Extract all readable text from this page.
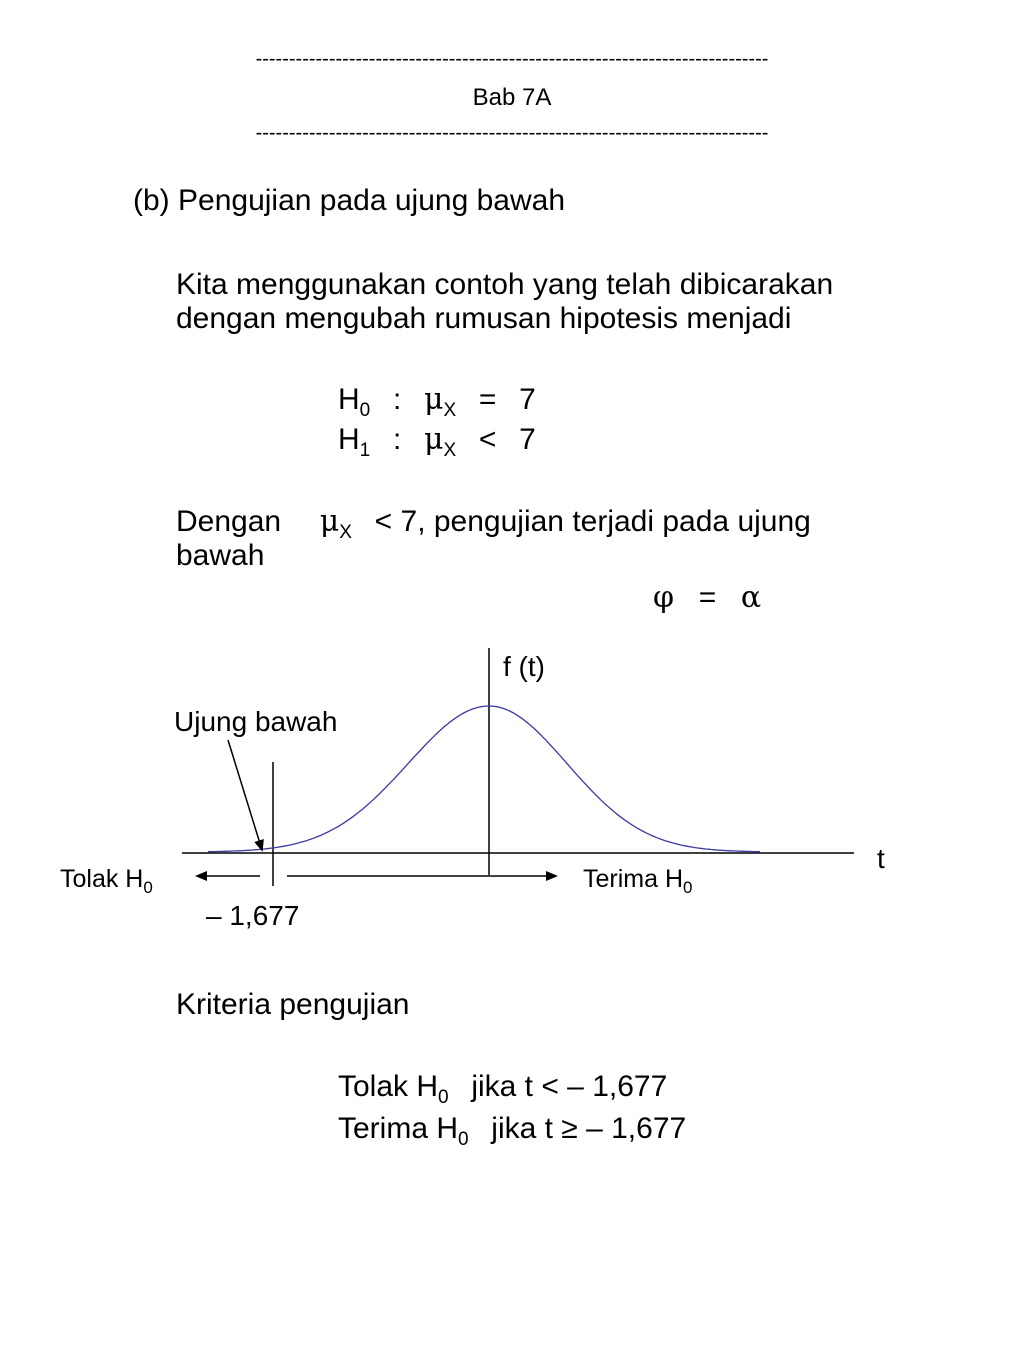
-----------------------------------------------------------------------------
Bab 7A
-----------------------------------------------------------------------------
(b) Pengujian pada ujung bawah
Kita menggunakan contoh yang telah dibicarakan
dengan mengubah rumusan hipotesis menjadi
$H_0$ : $\mu_X = 7$
$H_1$ : $\mu_X < 7$
Dengan $\mu_X < 7$, pengujian terjadi pada ujung
bawah
φ = α
f (t)
Ujung bawah
t
Tolak $H_0$	Terima $H_0$
– 1,677
Kriteria pengujian
Tolak $H_0$ jika t < – 1,677
Terima $H_0$ jika t ≥ – 1,677
